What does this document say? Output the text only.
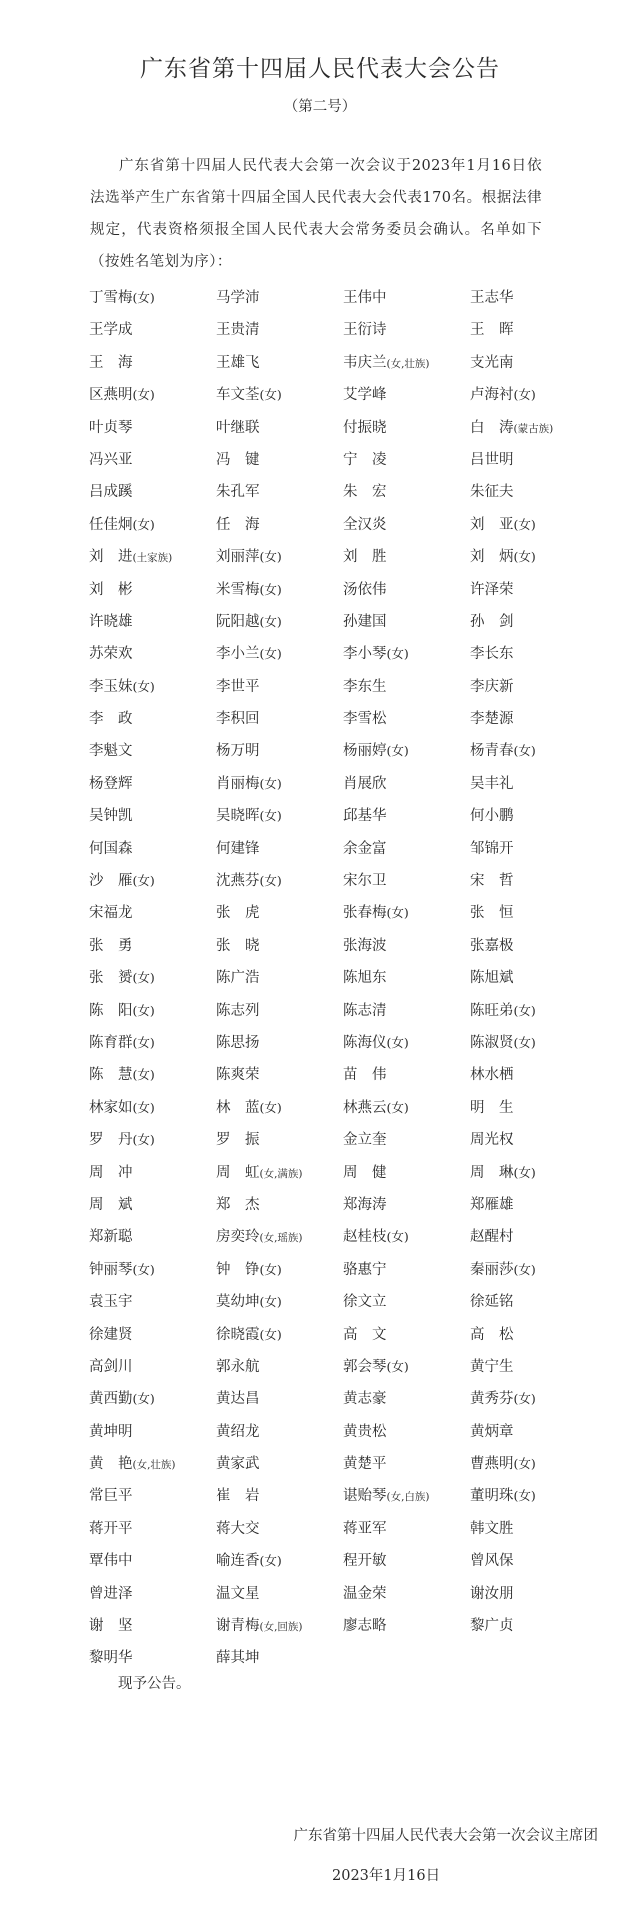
广东省第十四届人民代表大会公告
（第二号）

广东省第十四届人民代表大会第一次会议于2023年1月16日依法选举产生广东省第十四届全国人民代表大会代表170名。根据法律规定，代表资格须报全国人民代表大会常务委员会确认。名单如下（按姓名笔划为序）：

丁雪梅(女)	马学沛	王伟中	王志华
王学成	王贵清	王衍诗	王　晖
王　海	王雄飞	韦庆兰(女,壮族)	支光南
区燕明(女)	车文荃(女)	艾学峰	卢海衬(女)
叶贞琴	叶继联	付振晓	白　涛(蒙古族)
冯兴亚	冯　键	宁　凌	吕世明
吕成蹊	朱孔军	朱　宏	朱征夫
任佳炯(女)	任　海	全汉炎	刘　亚(女)
刘　进(土家族)	刘丽萍(女)	刘　胜	刘　炳(女)
刘　彬	米雪梅(女)	汤依伟	许泽荣
许晓雄	阮阳越(女)	孙建国	孙　剑
苏荣欢	李小兰(女)	李小琴(女)	李长东
李玉妹(女)	李世平	李东生	李庆新
李　政	李积回	李雪松	李楚源
李魁文	杨万明	杨丽婷(女)	杨青春(女)
杨登辉	肖丽梅(女)	肖展欣	吴丰礼
吴钟凯	吴晓晖(女)	邱基华	何小鹏
何国森	何建锋	余金富	邹锦开
沙　雁(女)	沈燕芬(女)	宋尔卫	宋　哲
宋福龙	张　虎	张春梅(女)	张　恒
张　勇	张　晓	张海波	张嘉极
张　赟(女)	陈广浩	陈旭东	陈旭斌
陈　阳(女)	陈志列	陈志清	陈旺弟(女)
陈育群(女)	陈思扬	陈海仪(女)	陈淑贤(女)
陈　慧(女)	陈爽荣	苗　伟	林水栖
林家如(女)	林　蓝(女)	林燕云(女)	明　生
罗　丹(女)	罗　振	金立奎	周光权
周　冲	周　虹(女,满族)	周　健	周　琳(女)
周　斌	郑　杰	郑海涛	郑雁雄
郑新聪	房奕玲(女,瑶族)	赵桂枝(女)	赵醒村
钟丽琴(女)	钟　铮(女)	骆惠宁	秦丽莎(女)
袁玉宇	莫幼坤(女)	徐文立	徐延铭
徐建贤	徐晓霞(女)	高　文	高　松
高剑川	郭永航	郭会琴(女)	黄宁生
黄西勤(女)	黄达昌	黄志豪	黄秀芬(女)
黄坤明	黄绍龙	黄贵松	黄炳章
黄　艳(女,壮族)	黄家武	黄楚平	曹燕明(女)
常巨平	崔　岩	谌贻琴(女,白族)	董明珠(女)
蒋开平	蒋大交	蒋亚军	韩文胜
覃伟中	喻连香(女)	程开敏	曾风保
曾进泽	温文星	温金荣	谢汝朋
谢　坚	谢青梅(女,回族)	廖志略	黎广贞
黎明华	薛其坤
现予公告。
广东省第十四届人民代表大会第一次会议主席团
2023年1月16日
